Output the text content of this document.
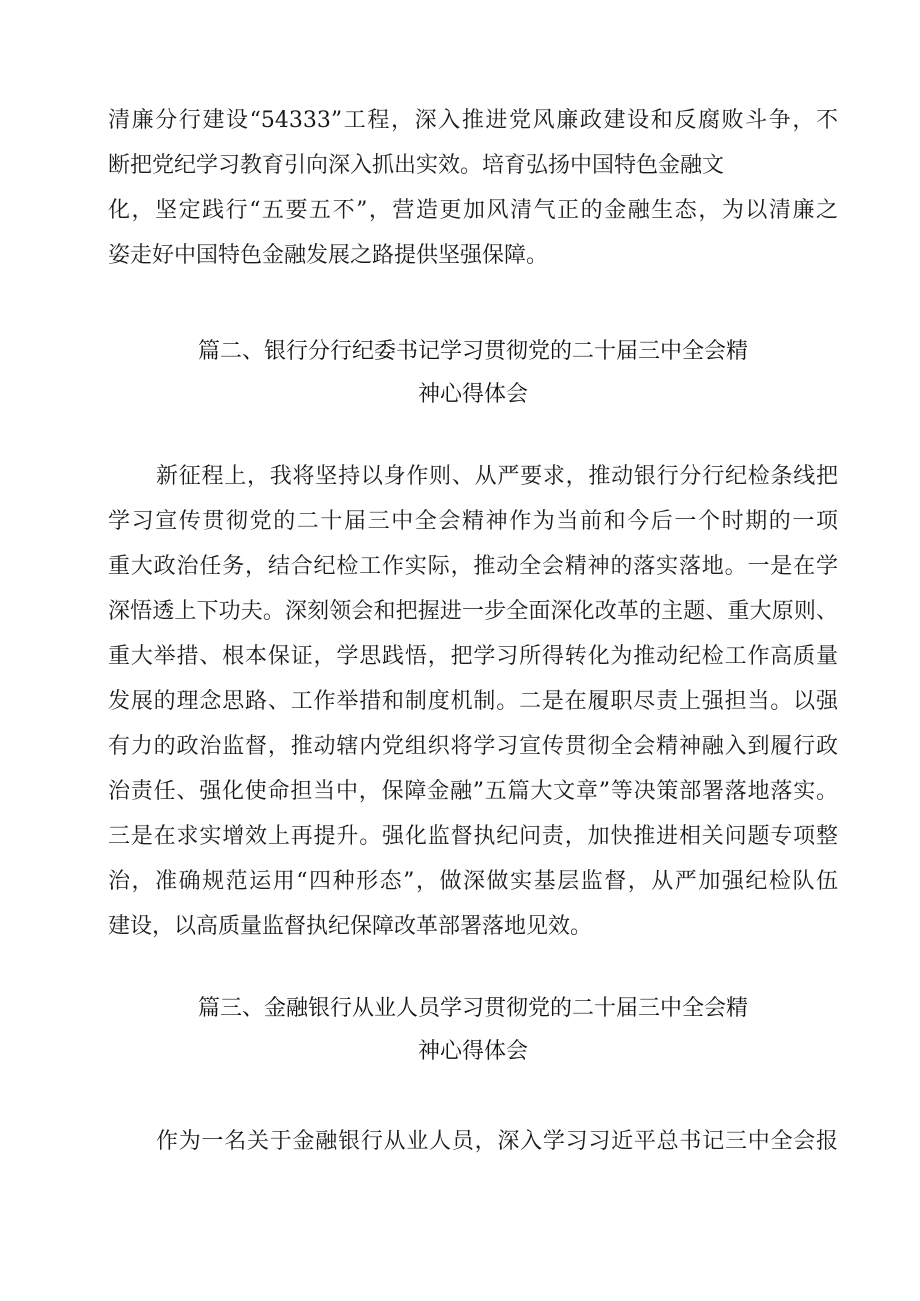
清廉分行建设“54333”工程，深入推进党风廉政建设和反腐败斗争，不
断把党纪学习教育引向深入抓出实效。培育弘扬中国特色金融文
化，坚定践行“五要五不”，营造更加风清气正的金融生态，为以清廉之
姿走好中国特色金融发展之路提供坚强保障。
篇二、银行分行纪委书记学习贯彻党的二十届三中全会精
神心得体会
新征程上，我将坚持以身作则、从严要求，推动银行分行纪检条线把
学习宣传贯彻党的二十届三中全会精神作为当前和今后一个时期的一项
重大政治任务，结合纪检工作实际，推动全会精神的落实落地。一是在学
深悟透上下功夫。深刻领会和把握进一步全面深化改革的主题、重大原则、
重大举措、根本保证，学思践悟，把学习所得转化为推动纪检工作高质量
发展的理念思路、工作举措和制度机制。二是在履职尽责上强担当。以强
有力的政治监督，推动辖内党组织将学习宣传贯彻全会精神融入到履行政
治责任、强化使命担当中，保障金融”五篇大文章”等决策部署落地落实。
三是在求实增效上再提升。强化监督执纪问责，加快推进相关问题专项整
治，准确规范运用“四种形态”，做深做实基层监督，从严加强纪检队伍
建设，以高质量监督执纪保障改革部署落地见效。
篇三、金融银行从业人员学习贯彻党的二十届三中全会精
神心得体会
作为一名关于金融银行从业人员，深入学习习近平总书记三中全会报
